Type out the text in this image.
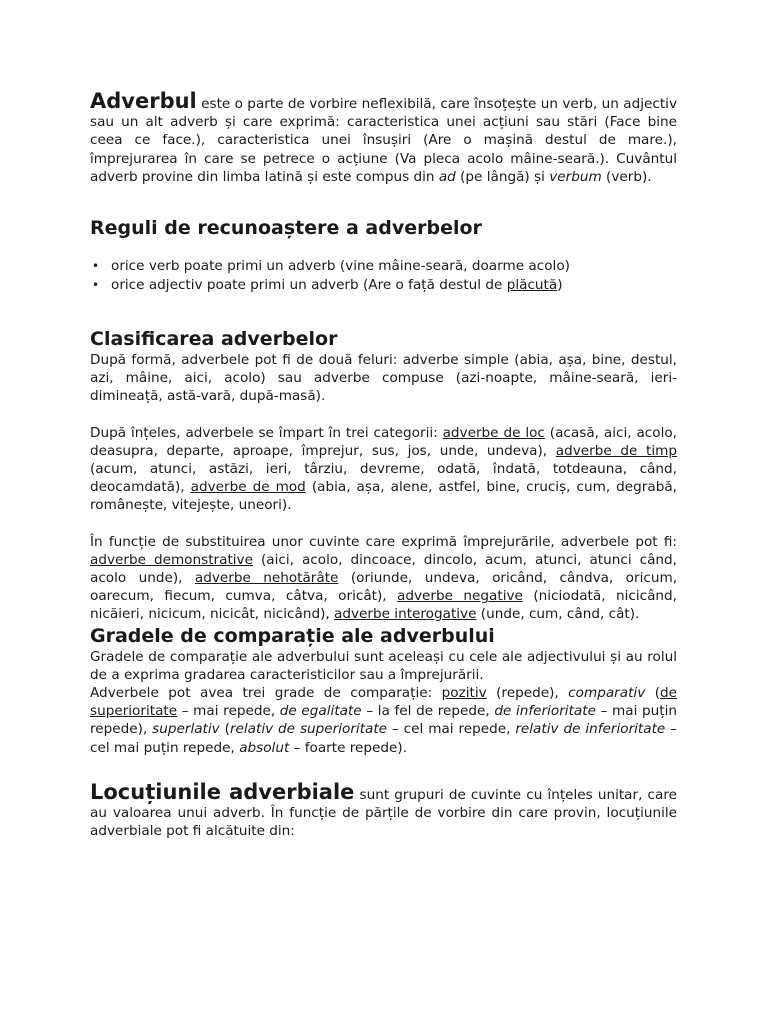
Adverbul este o parte de vorbire neflexibilă, care însoțește un verb, un adjectiv sau un alt adverb și care exprimă: caracteristica unei acțiuni sau stări (Face bine ceea ce face.), caracteristica unei însușiri (Are o mașină destul de mare.), împrejurarea în care se petrece o acțiune (Va pleca acolo mâine-seară.). Cuvântul adverb provine din limba latină și este compus din ad (pe lângă) și verbum (verb).

Reguli de recunoaștere a adverbelor
• orice verb poate primi un adverb (vine mâine-seară, doarme acolo)
• orice adjectiv poate primi un adverb (Are o față destul de plăcută)
Clasificarea adverbelor

După formă, adverbele pot fi de două feluri: adverbe simple (abia, așa, bine, destul, azi, mâine, aici, acolo) sau adverbe compuse (azi-noapte, mâine-seară, ieri-dimineață, astă-vară, după-masă).

După înțeles, adverbele se împart în trei categorii: adverbe de loc (acasă, aici, acolo, deasupra, departe, aproape, împrejur, sus, jos, unde, undeva), adverbe de timp (acum, atunci, astăzi, ieri, târziu, devreme, odată, îndată, totdeauna, când, deocamdată), adverbe de mod (abia, așa, alene, astfel, bine, cruciș, cum, degrabă, românește, vitejește, uneori).

În funcție de substituirea unor cuvinte care exprimă împrejurările, adverbele pot fi: adverbe demonstrative (aici, acolo, dincoace, dincolo, acum, atunci, atunci când, acolo unde), adverbe nehotărâte (oriunde, undeva, oricând, cândva, oricum, oarecum, fiecum, cumva, câtva, oricât), adverbe negative (niciodată, nicicând, nicăieri, nicicum, nicicât, nicicând), adverbe interogative (unde, cum, când, cât).

Gradele de comparație ale adverbului

Gradele de comparație ale adverbului sunt aceleași cu cele ale adjectivului și au rolul de a exprima gradarea caracteristicilor sau a împrejurării.

Adverbele pot avea trei grade de comparație: pozitiv (repede), comparativ (de superioritate – mai repede, de egalitate – la fel de repede, de inferioritate – mai puțin repede), superlativ (relativ de superioritate – cel mai repede, relativ de inferioritate – cel mai puțin repede, absolut – foarte repede).

Locuțiunile adverbiale sunt grupuri de cuvinte cu înțeles unitar, care au valoarea unui adverb. În funcție de părțile de vorbire din care provin, locuțiunile adverbiale pot fi alcătuite din:
